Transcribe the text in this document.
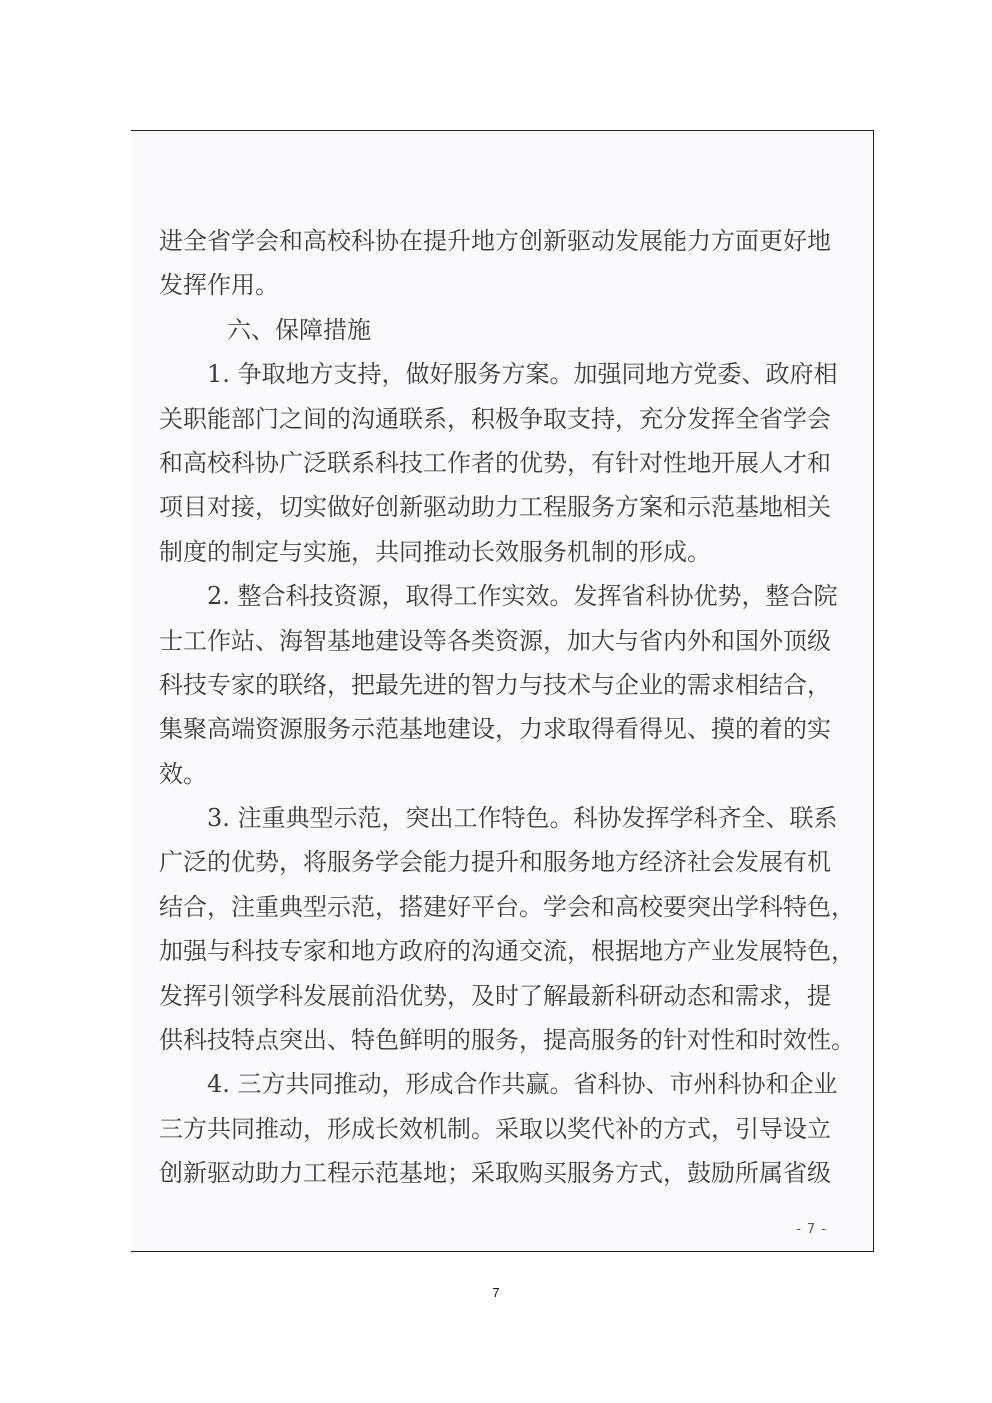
进全省学会和高校科协在提升地方创新驱动发展能力方面更好地
发挥作用。
六、保障措施
1. 争取地方支持，做好服务方案。加强同地方党委、政府相
关职能部门之间的沟通联系，积极争取支持，充分发挥全省学会
和高校科协广泛联系科技工作者的优势，有针对性地开展人才和
项目对接，切实做好创新驱动助力工程服务方案和示范基地相关
制度的制定与实施，共同推动长效服务机制的形成。
2. 整合科技资源，取得工作实效。发挥省科协优势，整合院
士工作站、海智基地建设等各类资源，加大与省内外和国外顶级
科技专家的联络，把最先进的智力与技术与企业的需求相结合，
集聚高端资源服务示范基地建设，力求取得看得见、摸的着的实
效。
3. 注重典型示范，突出工作特色。科协发挥学科齐全、联系
广泛的优势，将服务学会能力提升和服务地方经济社会发展有机
结合，注重典型示范，搭建好平台。学会和高校要突出学科特色，
加强与科技专家和地方政府的沟通交流，根据地方产业发展特色，
发挥引领学科发展前沿优势，及时了解最新科研动态和需求，提
供科技特点突出、特色鲜明的服务，提高服务的针对性和时效性。
4. 三方共同推动，形成合作共赢。省科协、市州科协和企业
三方共同推动，形成长效机制。采取以奖代补的方式，引导设立
创新驱动助力工程示范基地；采取购买服务方式，鼓励所属省级
- 7 -
7
